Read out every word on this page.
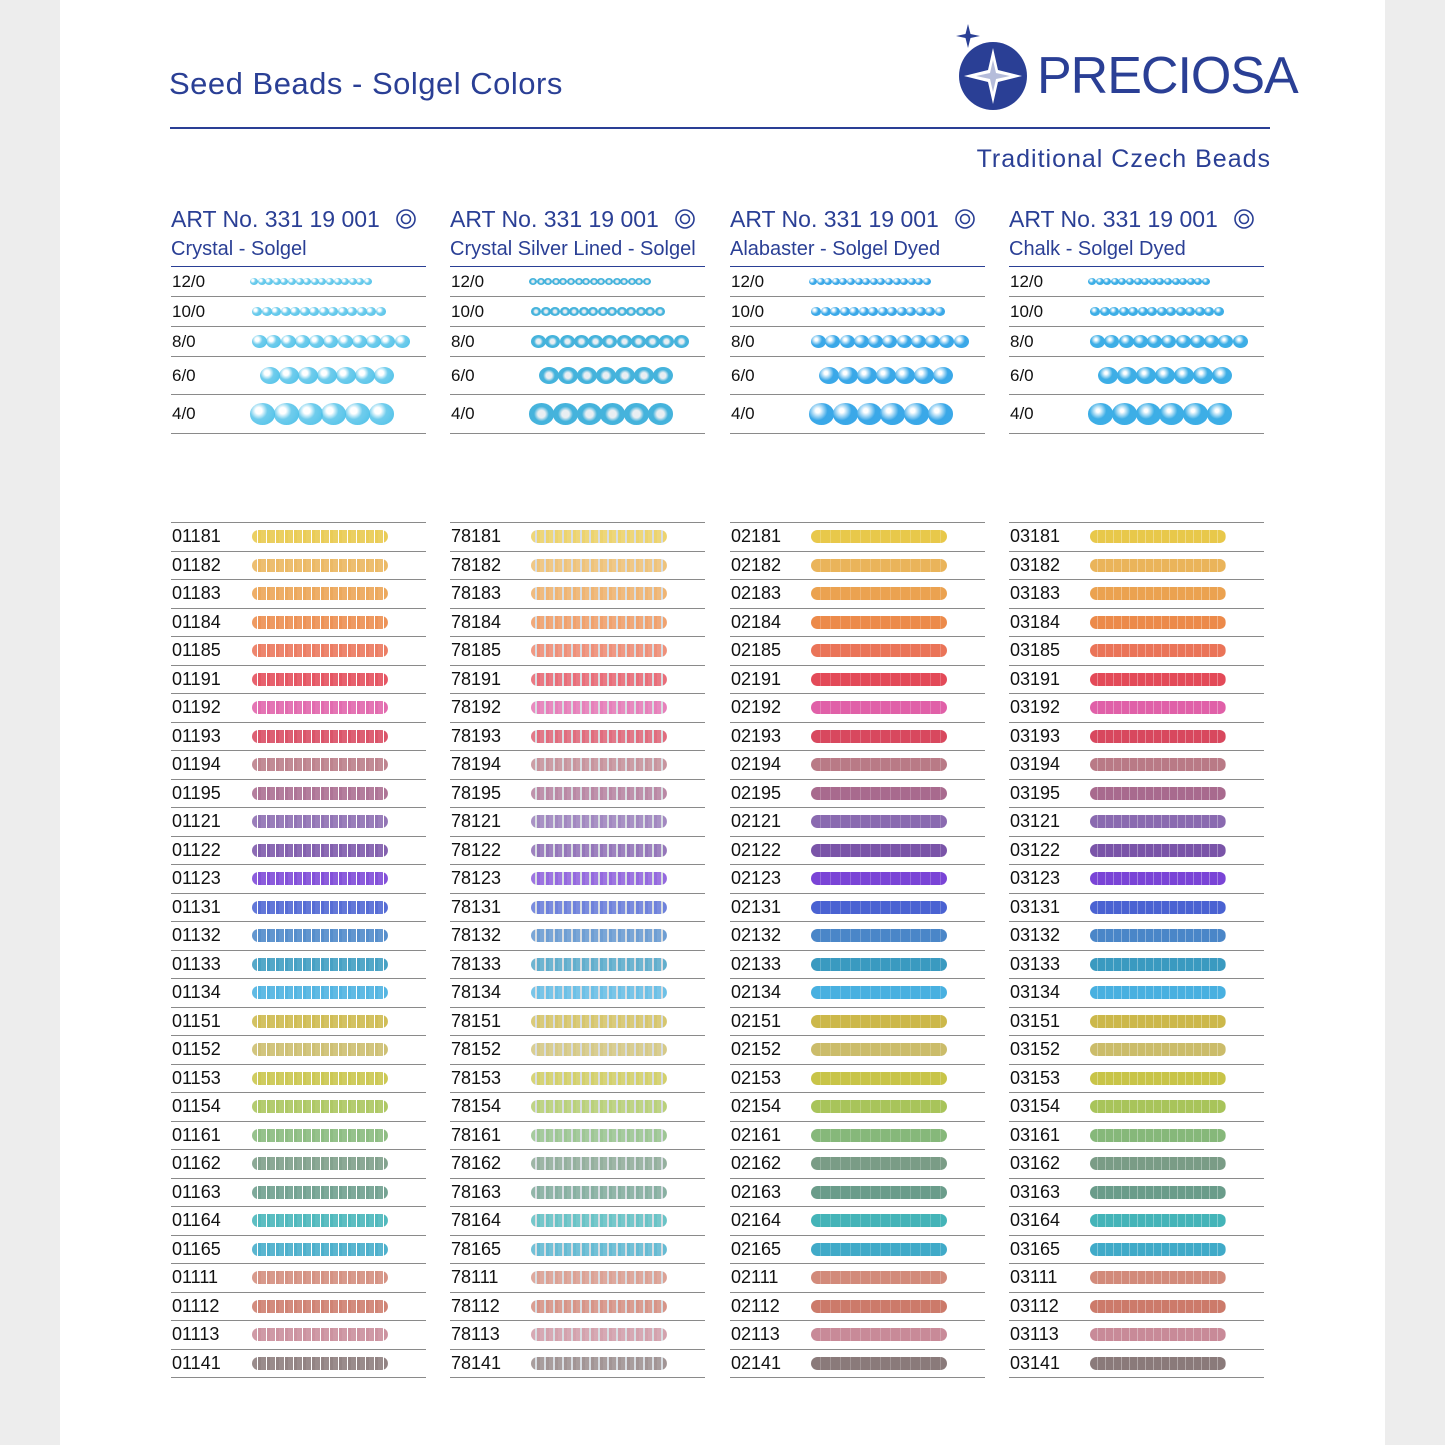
Seed Beads - Solgel Colors	PRECIOSA
Traditional Czech Beads
ART No. 331 19 001
Crystal - Solgel
12/0
10/0
8/0
6/0
4/0
ART No. 331 19 001
Crystal Silver Lined - Solgel
12/0
10/0
8/0
6/0
4/0
ART No. 331 19 001
Alabaster - Solgel Dyed
12/0
10/0
8/0
6/0
4/0
ART No. 331 19 001
Chalk - Solgel Dyed
12/0
10/0
8/0
6/0
4/0
01181
01182
01183
01184
01185
01191
01192
01193
01194
01195
01121
01122
01123
01131
01132
01133
01134
01151
01152
01153
01154
01161
01162
01163
01164
01165
01111
01112
01113
01141
78181
78182
78183
78184
78185
78191
78192
78193
78194
78195
78121
78122
78123
78131
78132
78133
78134
78151
78152
78153
78154
78161
78162
78163
78164
78165
78111
78112
78113
78141
02181
02182
02183
02184
02185
02191
02192
02193
02194
02195
02121
02122
02123
02131
02132
02133
02134
02151
02152
02153
02154
02161
02162
02163
02164
02165
02111
02112
02113
02141
03181
03182
03183
03184
03185
03191
03192
03193
03194
03195
03121
03122
03123
03131
03132
03133
03134
03151
03152
03153
03154
03161
03162
03163
03164
03165
03111
03112
03113
03141
